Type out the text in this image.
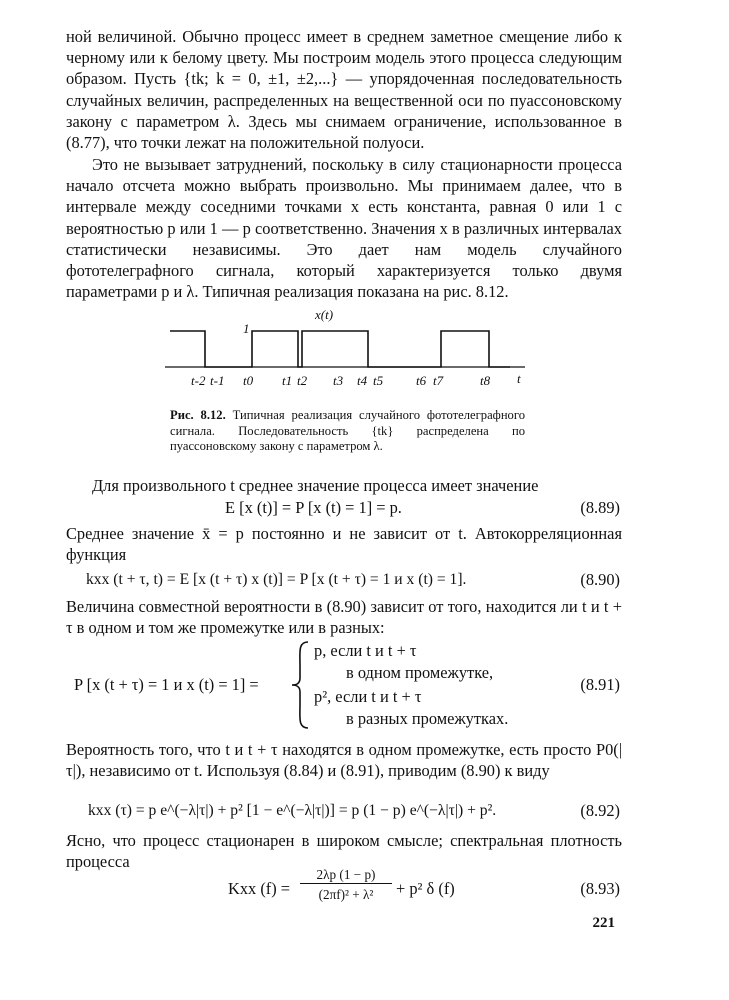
ной величиной. Обычно процесс имеет в среднем заметное смещение либо к черному или к белому цвету. Мы построим модель этого процесса следующим образом. Пусть {tk; k = 0, ±1, ±2,...} — упорядоченная последовательность случайных величин, распределенных на вещественной оси по пуассоновскому закону с параметром λ. Здесь мы снимаем ограничение, использованное в (8.77), что точки лежат на положительной полуоси.

Это не вызывает затруднений, поскольку в силу стационарности процесса начало отсчета можно выбрать произвольно. Мы принимаем далее, что в интервале между соседними точками x есть константа, равная 0 или 1 с вероятностью p или 1 — p соответственно. Значения x в различных интервалах статистически независимы. Это дает нам модель случайного фототелеграфного сигнала, который характеризуется только двумя параметрами p и λ. Типичная реализация показана на рис. 8.12.

x(t)
1
t
t-2 t-1 t0 t1 t2 t3 t4 t5	t6 t7	t8

Рис. 8.12. Типичная реализация случайного фототелеграфного сигнала. Последовательность {tk} распределена по пуассоновскому закону с параметром λ.

Для произвольного t среднее значение процесса имеет значение

E [x (t)] = P [x (t) = 1] = p.	(8.89)

Среднее значение x̄ = p постоянно и не зависит от t. Автокорреляционная функция

kxx (t + τ, t) = E [x (t + τ) x (t)] = P [x (t + τ) = 1 и x (t) = 1].	(8.90)

Величина совместной вероятности в (8.90) зависит от того, находится ли t и t + τ в одном и том же промежутке или в разных:

P [x (t + τ) = 1 и x (t) = 1] =
p, если t и t + τ
в одном промежутке,
p², если t и t + τ
в разных промежутках.
(8.91)

Вероятность того, что t и t + τ находятся в одном промежутке, есть просто P0(|τ|), независимо от t. Используя (8.84) и (8.91), приводим (8.90) к виду

kxx (τ) = p e^(−λ|τ|) + p² [1 − e^(−λ|τ|)] = p (1 − p) e^(−λ|τ|) + p².	(8.92)

Ясно, что процесс стационарен в широком смысле; спектральная плотность процесса

Kxx (f) =
2λp (1 − p)
(2πf)² + λ²	+ p² δ (f)	(8.93)
221
